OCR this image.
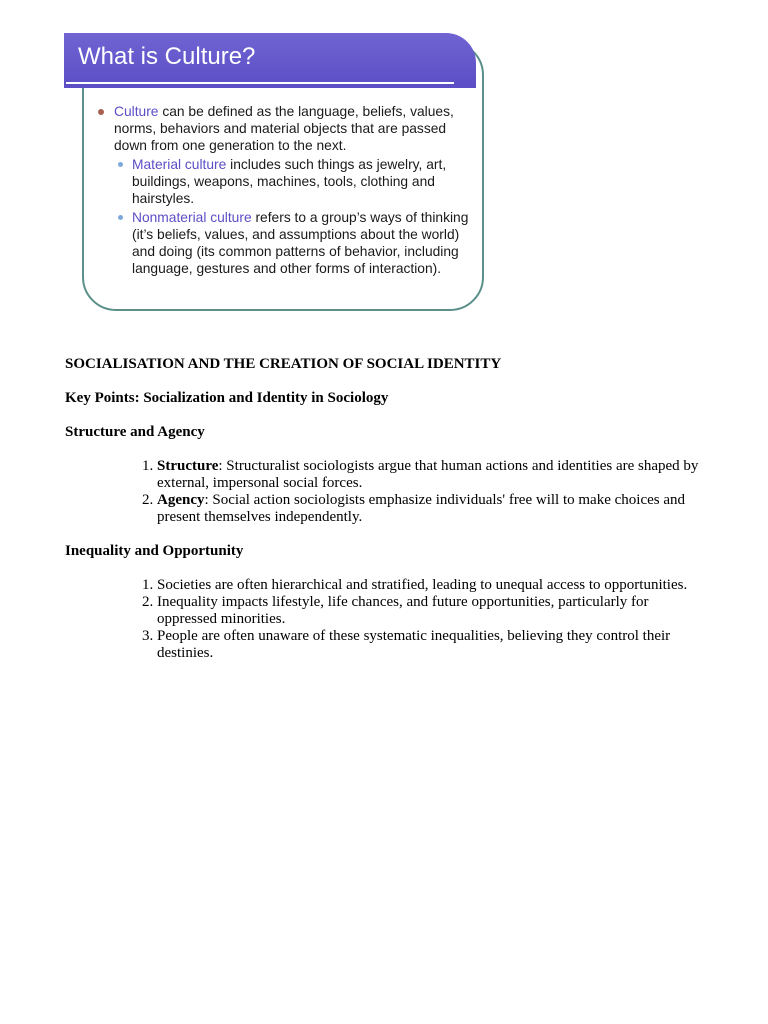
What is Culture?

Culture can be defined as the language, beliefs, values, norms, behaviors and material objects that are passed down from one generation to the next.

Material culture includes such things as jewelry, art, buildings, weapons, machines, tools, clothing and hairstyles.

Nonmaterial culture refers to a group’s ways of thinking (it’s beliefs, values, and assumptions about the world) and doing (its common patterns of behavior, including language, gestures and other forms of interaction).

SOCIALISATION AND THE CREATION OF SOCIAL IDENTITY
Key Points: Socialization and Identity in Sociology
Structure and Agency
1. Structure: Structuralist sociologists argue that human actions and identities are shaped by external, impersonal social forces.
2. Agency: Social action sociologists emphasize individuals' free will to make choices and present themselves independently.
Inequality and Opportunity
1. Societies are often hierarchical and stratified, leading to unequal access to opportunities.
2. Inequality impacts lifestyle, life chances, and future opportunities, particularly for oppressed minorities.
3. People are often unaware of these systematic inequalities, believing they control their destinies.
